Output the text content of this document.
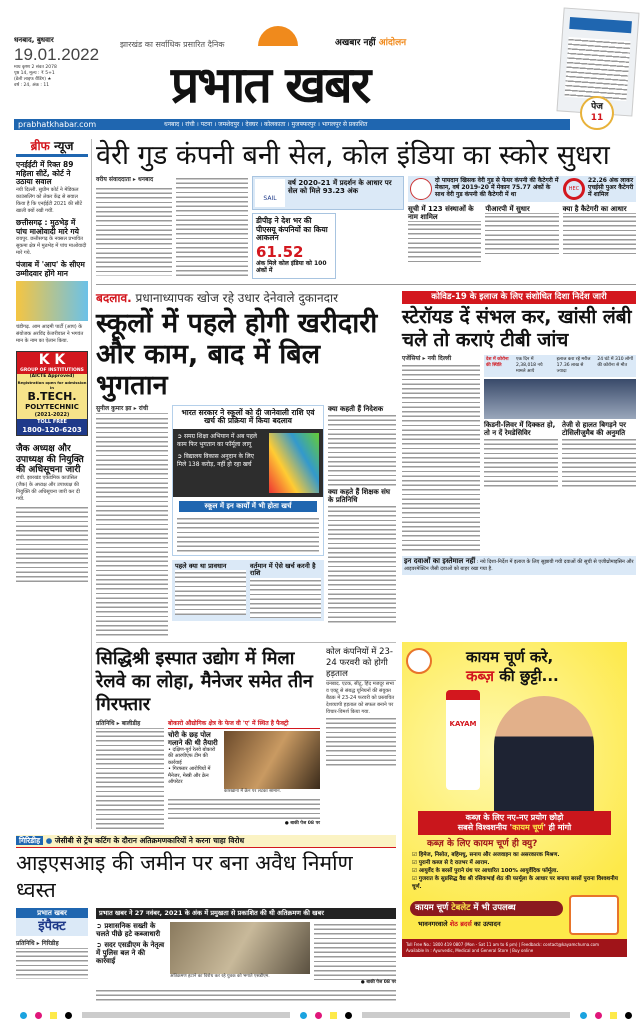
धनबाद, बुधवार
19.01.2022
माघ कृष्ण 2 संवत 2078
पृष्ठ 14, मूल्य : ₹ 5+1
(डेली लाइफ रीडिंग) ★
वर्ष : 24, अंक : 11
झारखंड का सर्वाधिक प्रसारित दैनिक
प्रभात खबर
अखबार नहीं आंदोलन
पेज
11
prabhatkhabar.com	धनबाद । रांची । पटना । जमशेदपुर । देवघर । कोलकाता । मुजफ्फरपुर । भागलपुर से प्रकाशित
ब्रीफ न्यूज
एनईईटी में रिक्त 89 महिला सीटें, कोर्ट ने उठाया सवाल
नयी दिल्ली. सुप्रीम कोर्ट ने मेडिकल काउंसलिंग को लेकर केंद्र से सवाल किया है कि एनईईटी 2021 की सीटें खाली क्यों रखी गयीं.
छत्तीसगढ़ : मुठभेड़ में पांच माओवादी मारे गये
रायपुर. छत्तीसगढ़ के नक्सल प्रभावित सुकमा क्षेत्र में मुठभेड़ में पांच माओवादी मारे गये.
पंजाब में 'आप' के सीएम उम्मीदवार होंगे मान
चंडीगढ़. आम आदमी पार्टी (आप) के संयोजक अरविंद केजरीवाल ने भगवंत मान के नाम का ऐलान किया.
K K
GROUP OF INSTITUTIONS
(AICTE Approved)
Registration open for admission in
B.TECH.
POLYTECHNIC
(2021-2022)
TOLL FREE
1800-120-6203
जैक अध्यक्ष और उपाध्यक्ष की नियुक्ति की अधिसूचना जारी
रांची. झारखंड एकेडमिक काउंसिल (जैक) के अध्यक्ष और उपाध्यक्ष की नियुक्ति की अधिसूचना जारी कर दी गयी.
वेरी गुड कंपनी बनी सेल, कोल इंडिया का स्कोर सुधरा
वरीय संवाददाता ▸ धनबाद
SAIL
वर्ष 2020-21 में प्रदर्शन के आधार पर सेल को मिले 93.23 अंक
डीपीइ ने देश भर की पीएसयू कंपनियों का किया आकलन
61.52
अंक मिले कोल इंडिया को 100 अंकों में
दो पायदान खिसक वेरी गुड से फेयर कंपनी की कैटेगरी में मेकान, वर्ष 2019-20 में मेकान 75.77 अंकों के साथ वेरी गुड कंपनी की कैटेगरी में था
HEC
22.26 अंक लाकर एचईसी पुअर कैटेगरी में शामिल
सूची में 123 संस्थाओं के नाम शामिल
पीआरपी में सुधार	क्या है कैटेगरी का आधार
बदलाव. प्रधानाध्यापक खोज रहे उधार देनेवाले दुकानदार
स्कूलों में पहले होगी खरीदारी और काम, बाद में बिल भुगतान
सुनील कुमार झा ▸ रांची	भारत सरकार ने स्कूलों को दी जानेवाली राशि एवं खर्च की प्रक्रिया में किया बदलाव
➲ समग्र शिक्षा अभियान में अब पहले काम फिर भुगतान का फॉर्मूला लागू
➲ विद्यालय विकास अनुदान के लिए मिले 138 करोड़, नहीं हो रहा खर्च
स्कूल में इन कार्यों में भी होता खर्च
पहले क्या था प्रावधान	वर्तमान में ऐसे खर्च करनी है राशि
क्या कहती हैं निदेशक
क्या कहते हैं शिक्षक संघ के प्रतिनिधि
कोविड-19 के इलाज के लिए संशोधित दिशा निर्देश जारी
स्टेरॉयड दें संभल कर, खांसी लंबी चले तो कराएं टीबी जांच
एजेंसियां ▸ नयी दिल्ली	देश में कोरोना की स्थिति
एक दिन में 2,38,018 नये मामले आये
इलाज करा रहे मरीज 17.36 लाख से ज्यादा
24 घंटे में 310 लोगों की कोरोना से मौत
किडनी-लिवर में दिक्कत हो, तो न दें रेमडेसिविर
तेजी से हालत बिगड़ने पर टोसिलीजुमैब की अनुमति
इन दवाओं का इस्तेमाल नहीं : नये दिशा-निर्देश में इलाज के लिए सुझायी गयी दवाओं की सूची से एजीथ्रोमाइसिन और आइवरमेक्टिन जैसी दवाओं को बाहर रखा गया है.
सिद्धिश्री इस्पात उद्योग में मिला रेलवे का लोहा, मैनेजर समेत तीन गिरफ्तार
प्रतिनिधि ▸ बालीडीह	बोकारो औद्योगिक क्षेत्र के फेज वी 'ए' में स्थित है फैक्ट्री
चोरी के छह पोल गलाने की थी तैयारी
• दक्षिण-पूर्व रेलवे बोकारो की आरपीएफ टीम की कार्रवाई
• गिरफ्तार आरोपियों में मैनेजर, मेस्त्री और क्रेन ऑपरेटर
कारखाना में क्रेन पर लटका सामान.
● बाकी पेज 08 पर
कोल कंपनियों में 23-24 फरवरी को होगी हड़ताल
धनबाद. एटक, सीटू, हिंद मजदूर सभा व एक्टू से संबद्ध यूनियनों की संयुक्त बैठक में 23-24 फरवरी को प्रस्तावित देशव्यापी हड़ताल को सफल बनाने पर विचार-विमर्श किया गया.
कायम चूर्ण करे,
कब्ज़ की छुट्टी...
KAYAM
कब्ज़ के लिए नए-नए प्रयोग छोड़ो
सबसे विश्वशनीय 'कायम चूर्ण' ही मांगो
कब्ज़ के लिए कायम चूर्ण ही क्यु?
☑ हिमेज, निसोत, बहिमधु, सनाय और अजवाइन का असरकारक मिश्रण.
☑ पुरानी कब्ज से दे रातभर में आराम.
☑ आयुर्वेद के बरसों पुराने ग्रंथ पर आधारित 100% आयुर्वेदिक फॉर्मूला.
☑ गुजरात के सुप्रसिद्ध वैद्य श्री रसिकभाई शेठ की फार्मूला के आधार पर बनाया बरसों पुराना विश्वशनीय चूर्ण.
कायम चूर्ण टेबलेट में भी उपलब्ध
भावनगरवाले शेठ ब्रदर्स का उत्पादन
Toll Free No.: 1800 419 0807 (Mon - Sat 11 am to 6 pm) | Feedback: contact@kayamchurna.com
Available In : Ayurvedic, Medical and General Store | Buy online
गिरिडीह ● जेसीबी से ट्रेंच कटिंग के दौरान अतिक्रमणकारियों ने करना चाहा विरोध
आइएसआइ की जमीन पर बना अवैध निर्माण ध्वस्त
प्रभात खबर
इंपैक्ट
प्रतिनिधि ▸ गिरिडीह
प्रभात खबर ने 27 नवंबर, 2021 के अंक में प्रमुखता से प्रकाशित की थी अतिक्रमण की खबर
➲ प्रशासनिक सख्ती के चलते पीछे हटे कब्जाधारी
➲ सदर एसडीएम के नेतृत्व में पुलिस बल ने की कार्रवाई
अतिक्रमण हटाने का विरोध कर रहे युवक को भगाते एसडीएम.
● बाकी पेज 08 पर
